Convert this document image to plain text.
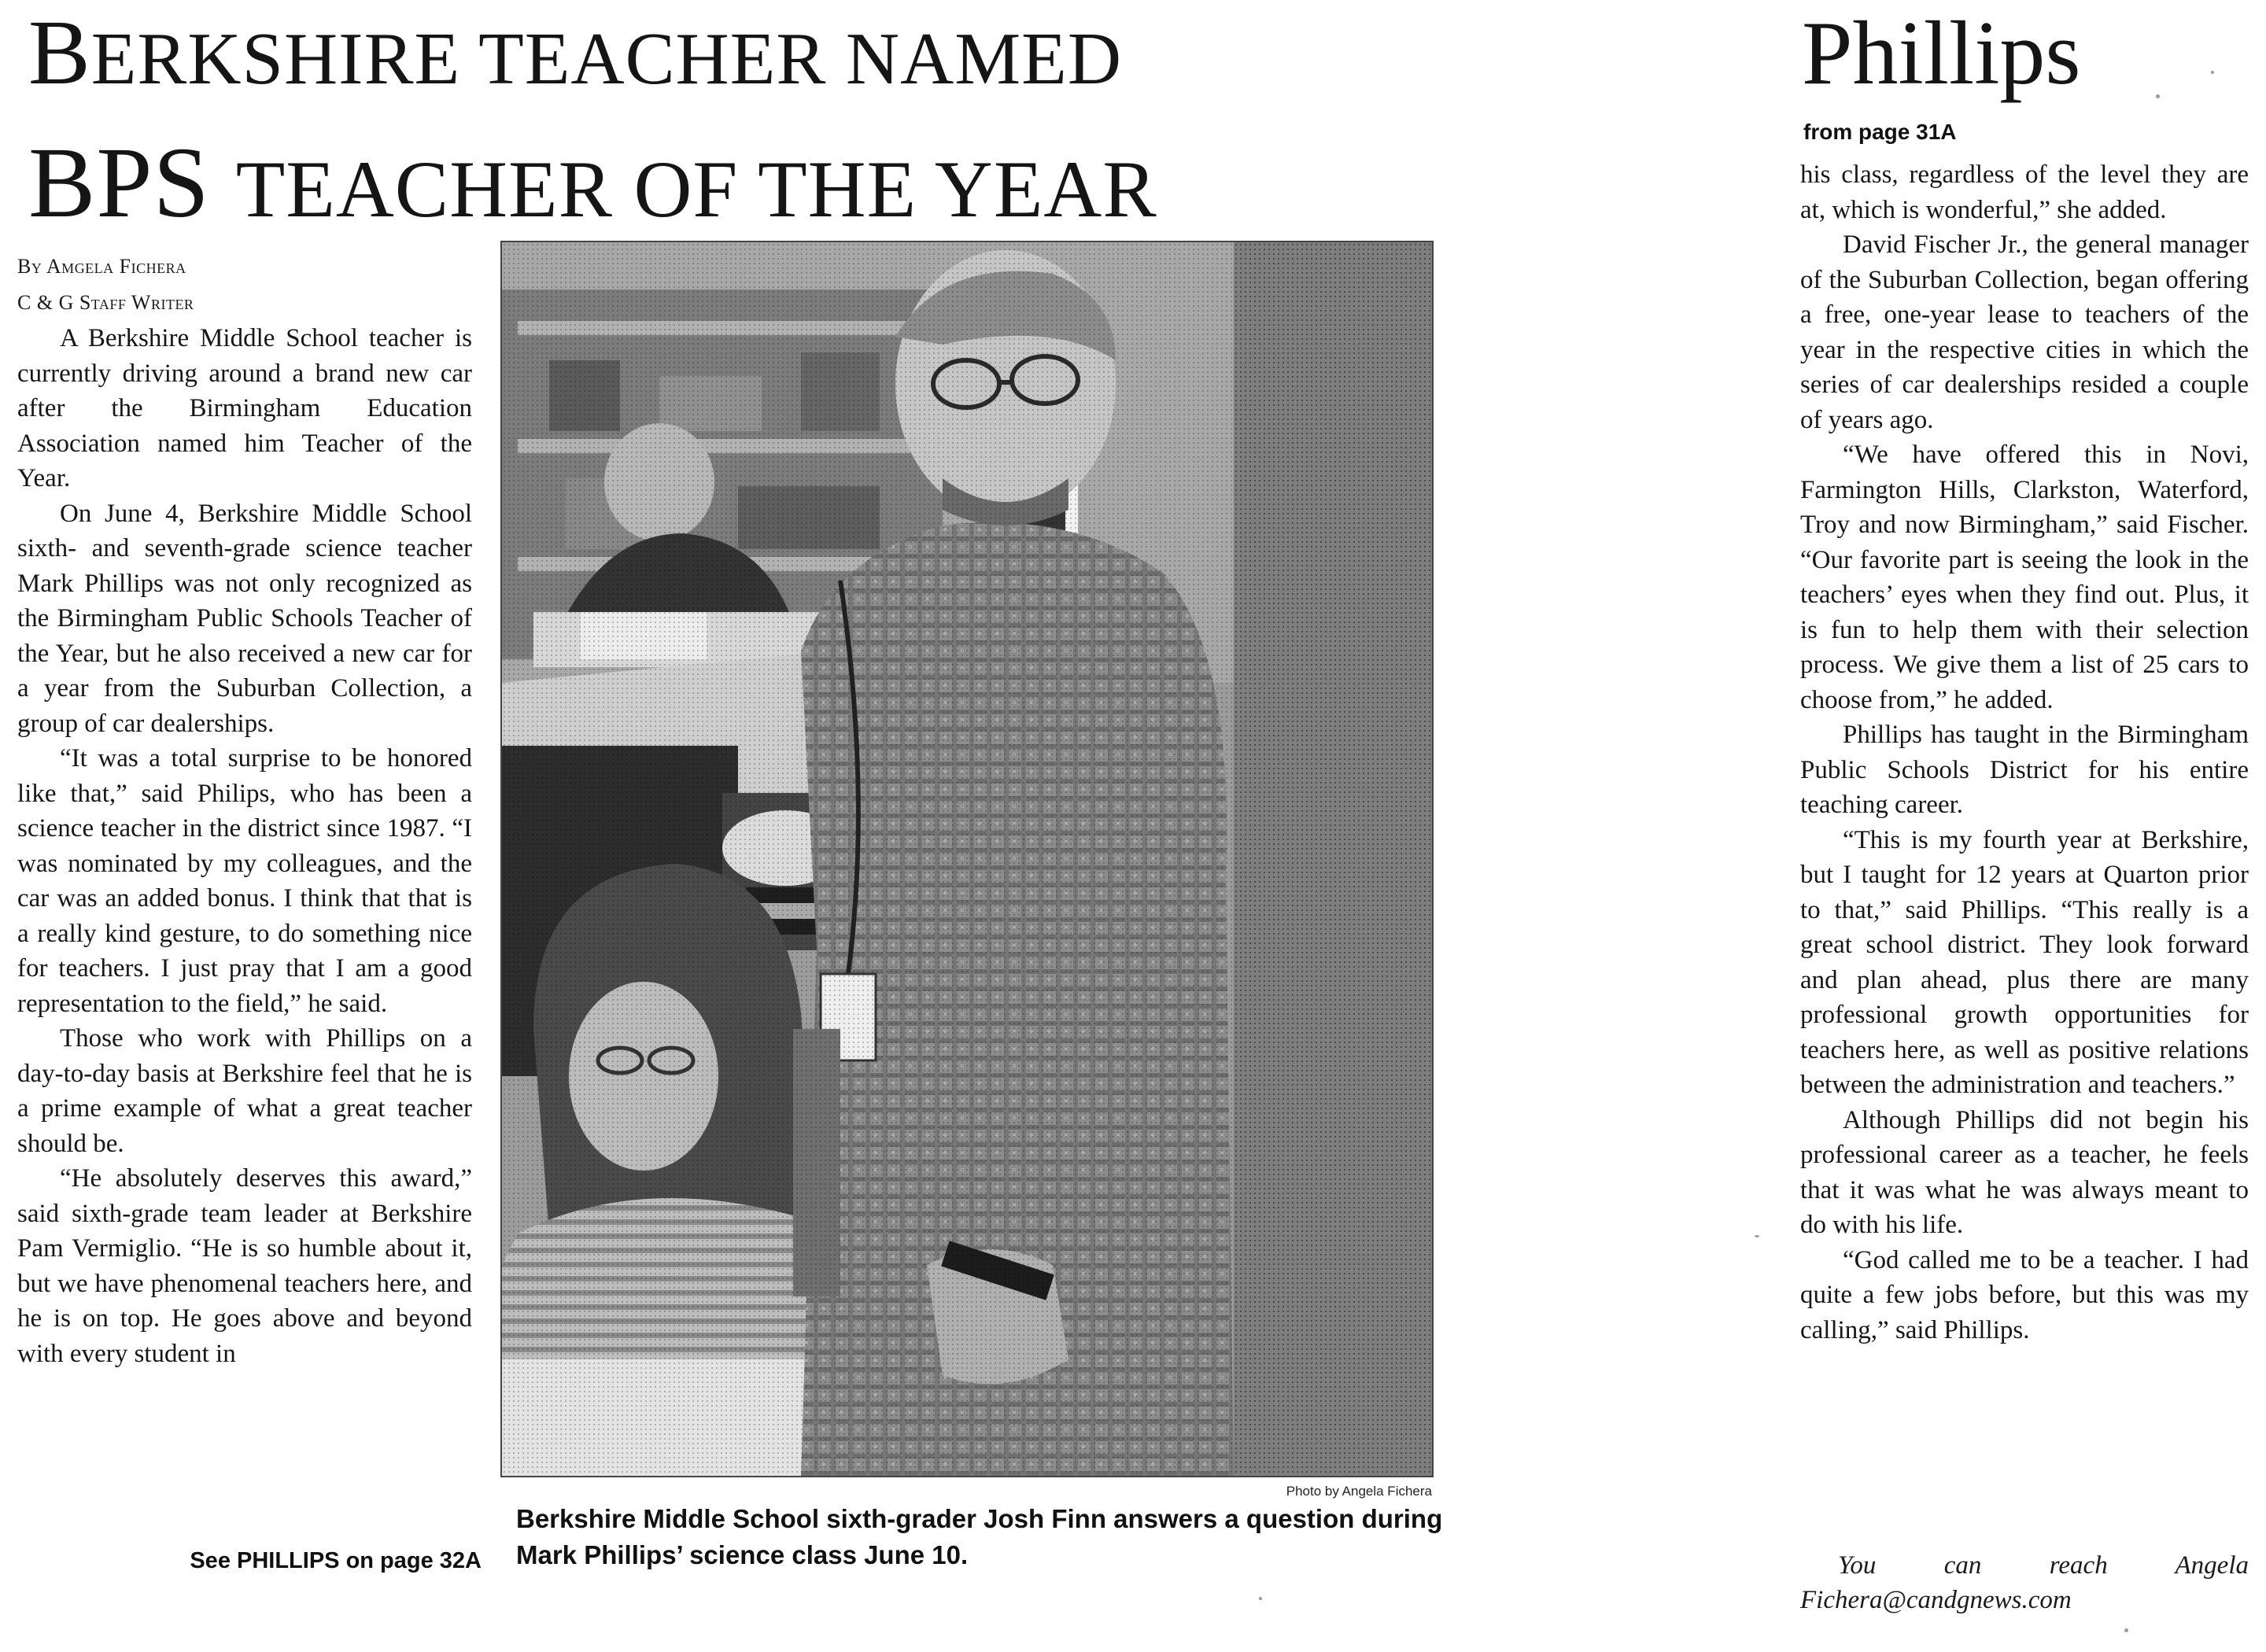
BERKSHIRE TEACHER NAMED
BPS TEACHER OF THE YEAR
By Amgela Fichera
C & G Staff Writer

A Berkshire Middle School teacher is currently driving around a brand new car after the Birmingham Education Association named him Teacher of the Year.

On June 4, Berkshire Middle School sixth- and seventh-grade science teacher Mark Phillips was not only recognized as the Birmingham Public Schools Teacher of the Year, but he also received a new car for a year from the Suburban Collection, a group of car dealerships.

“It was a total surprise to be honored like that,” said Philips, who has been a science teacher in the district since 1987. “I was nominated by my colleagues, and the car was an added bonus. I think that that is a really kind gesture, to do something nice for teachers. I just pray that I am a good representation to the field,” he said.

Those who work with Phillips on a day-to-day basis at Berkshire feel that he is a prime example of what a great teacher should be.

“He absolutely deserves this award,” said sixth-grade team leader at Berkshire Pam Vermiglio. “He is so humble about it, but we have phenomenal teachers here, and he is on top. He goes above and beyond with every student in

See PHILLIPS on page 32A
Photo by Angela Fichera
Berkshire Middle School sixth-grader Josh Finn answers a question during Mark Phillips’ science class June 10.
Phillips
from page 31A

his class, regardless of the level they are at, which is wonderful,” she added.

David Fischer Jr., the general manager of the Suburban Collection, began offering a free, one-year lease to teachers of the year in the respective cities in which the series of car dealerships resided a couple of years ago.

“We have offered this in Novi, Farmington Hills, Clarkston, Waterford, Troy and now Birmingham,” said Fischer. “Our favorite part is seeing the look in the teachers’ eyes when they find out. Plus, it is fun to help them with their selection process. We give them a list of 25 cars to choose from,” he added.

Phillips has taught in the Birmingham Public Schools District for his entire teaching career.

“This is my fourth year at Berkshire, but I taught for 12 years at Quarton prior to that,” said Phillips. “This really is a great school district. They look forward and plan ahead, plus there are many professional growth opportunities for teachers here, as well as positive relations between the administration and teachers.”

Although Phillips did not begin his professional career as a teacher, he feels that it was what he was always meant to do with his life.

“God called me to be a teacher. I had quite a few jobs before, but this was my calling,” said Phillips.

You can reach Angela
Fichera@candgnews.com
